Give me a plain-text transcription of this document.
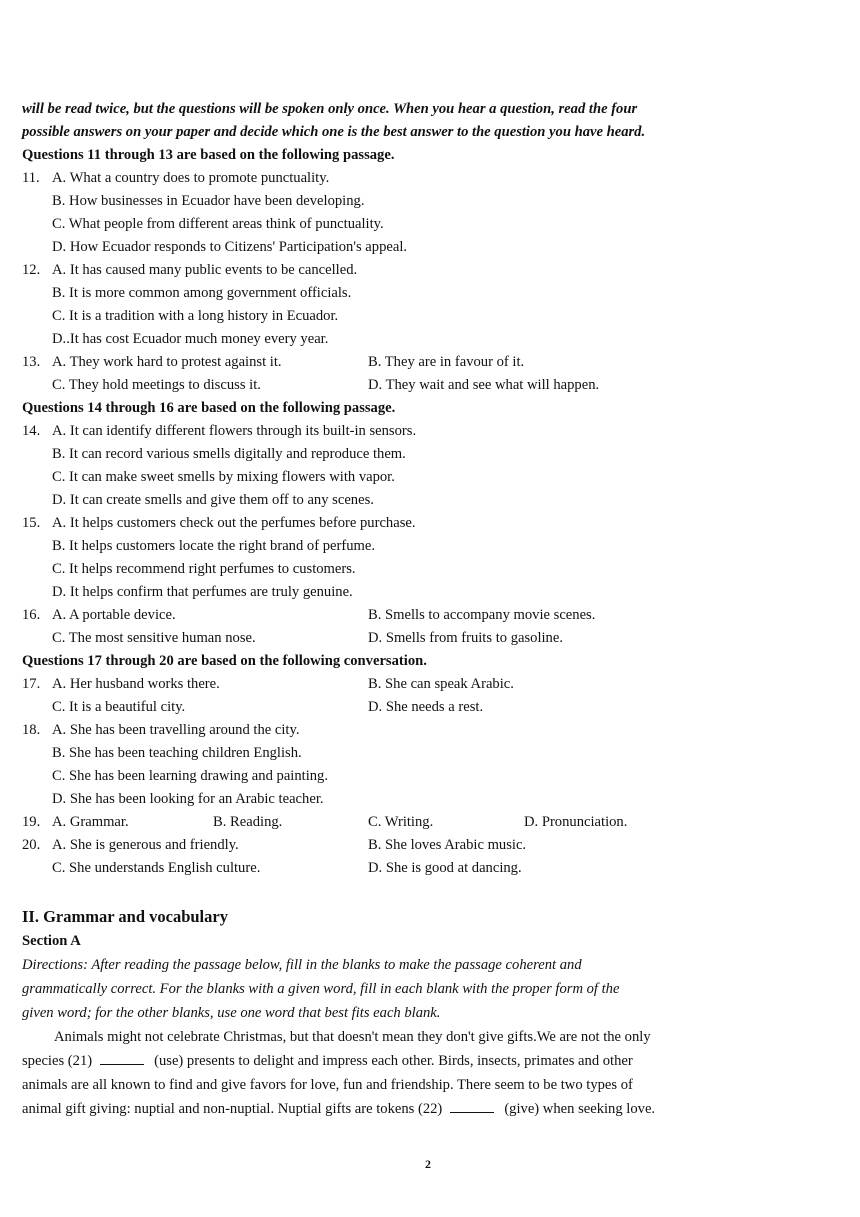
will be read twice, but the questions will be spoken only once. When you hear a question, read the four
possible answers on your paper and decide which one is the best answer to the question you have heard.
Questions 11 through 13 are based on the following passage.
11. A. What a country does to promote punctuality.
B. How businesses in Ecuador have been developing.
C. What people from different areas think of punctuality.
D. How Ecuador responds to Citizens' Participation's appeal.
12. A. It has caused many public events to be cancelled.
B. It is more common among government officials.
C. It is a tradition with a long history in Ecuador.
D..It has cost Ecuador much money every year.
13. A. They work hard to protest against it.	B. They are in favour of it.
C. They hold meetings to discuss it.	D. They wait and see what will happen.
Questions 14 through 16 are based on the following passage.
14. A. It can identify different flowers through its built-in sensors.
B. It can record various smells digitally and reproduce them.
C. It can make sweet smells by mixing flowers with vapor.
D. It can create smells and give them off to any scenes.
15. A. It helps customers check out the perfumes before purchase.
B. It helps customers locate the right brand of perfume.
C. It helps recommend right perfumes to customers.
D. It helps confirm that perfumes are truly genuine.
16. A. A portable device.	B. Smells to accompany movie scenes.
C. The most sensitive human nose.	D. Smells from fruits to gasoline.
Questions 17 through 20 are based on the following conversation.
17. A. Her husband works there.	B. She can speak Arabic.
C. It is a beautiful city.	D. She needs a rest.
18. A. She has been travelling around the city.
B. She has been teaching children English.
C. She has been learning drawing and painting.
D. She has been looking for an Arabic teacher.
19. A. Grammar.	B. Reading.	C. Writing.	D. Pronunciation.
20. A. She is generous and friendly.	B. She loves Arabic music.
C. She understands English culture.	D. She is good at dancing.
II. Grammar and vocabulary
Section A
Directions: After reading the passage below, fill in the blanks to make the passage coherent and
grammatically correct. For the blanks with a given word, fill in each blank with the proper form of the
given word; for the other blanks, use one word that best fits each blank.
Animals might not celebrate Christmas, but that doesn't mean they don't give gifts.We are not the only
species (21)	(use) presents to delight and impress each other. Birds, insects, primates and other
animals are all known to find and give favors for love, fun and friendship. There seem to be two types of
animal gift giving: nuptial and non-nuptial. Nuptial gifts are tokens (22)	(give) when seeking love.
2
